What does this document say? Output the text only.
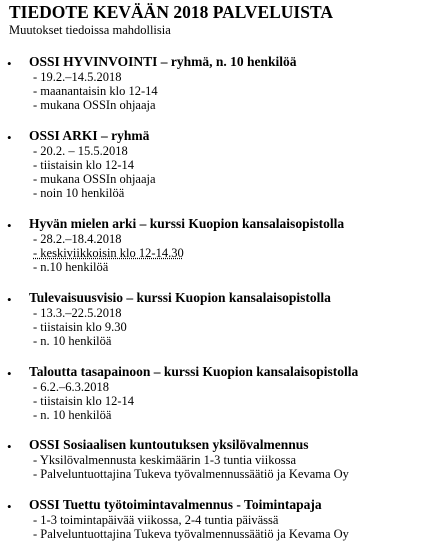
TIEDOTE KEVÄÄN 2018 PALVELUISTA
Muutokset tiedoissa mahdollisia
• OSSI HYVINVOINTI – ryhmä, n. 10 henkilöä
- 19.2.–14.5.2018
- maanantaisin klo 12-14
- mukana OSSIn ohjaaja
• OSSI ARKI – ryhmä
- 20.2. – 15.5.2018
- tiistaisin klo 12-14
- mukana OSSIn ohjaaja
- noin 10 henkilöä
• Hyvän mielen arki – kurssi Kuopion kansalaisopistolla
- 28.2.–18.4.2018
- keskiviikkoisin klo 12-14.30
- n.10 henkilöä
• Tulevaisuusvisio – kurssi Kuopion kansalaisopistolla
- 13.3.–22.5.2018
- tiistaisin klo 9.30
- n. 10 henkilöä
• Taloutta tasapainoon – kurssi Kuopion kansalaisopistolla
- 6.2.–6.3.2018
- tiistaisin klo 12-14
- n. 10 henkilöä
• OSSI Sosiaalisen kuntoutuksen yksilövalmennus
- Yksilövalmennusta keskimäärin 1-3 tuntia viikossa
- Palveluntuottajina Tukeva työvalmennussäätiö ja Kevama Oy
• OSSI Tuettu työtoimintavalmennus - Toimintapaja
- 1-3 toimintapäivää viikossa, 2-4 tuntia päivässä
- Palveluntuottajina Tukeva työvalmennussäätiö ja Kevama Oy
